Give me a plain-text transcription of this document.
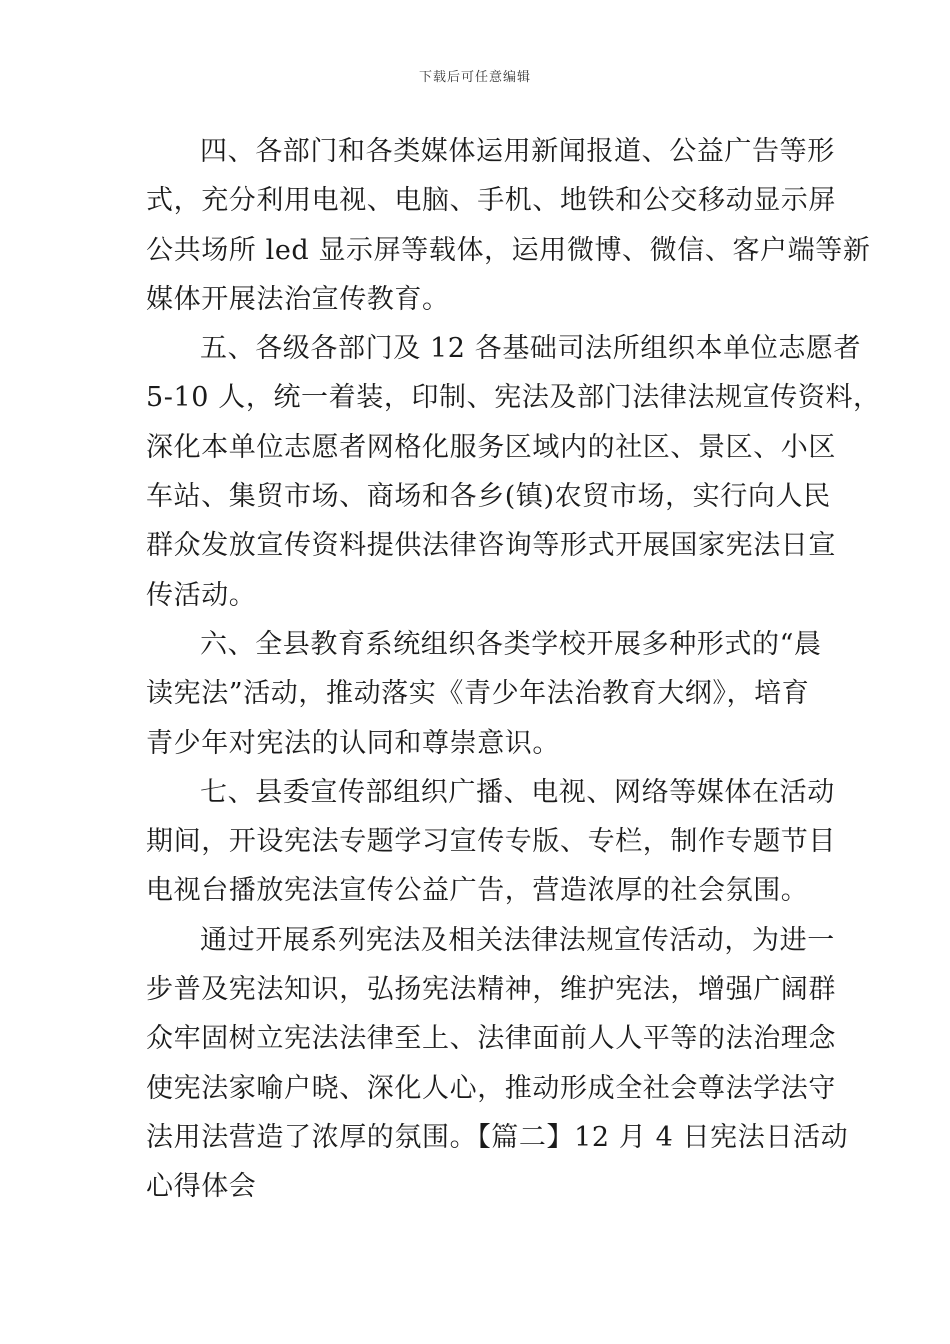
下载后可任意编辑
四、各部门和各类媒体运用新闻报道、公益广告等形
式，充分利用电视、电脑、手机、地铁和公交移动显示屏
公共场所 led 显示屏等载体，运用微博、微信、客户端等新
媒体开展法治宣传教育。
五、各级各部门及 12 各基础司法所组织本单位志愿者
5-10 人，统一着装，印制、宪法及部门法律法规宣传资料，
深化本单位志愿者网格化服务区域内的社区、景区、小区
车站、集贸市场、商场和各乡(镇)农贸市场，实行向人民
群众发放宣传资料提供法律咨询等形式开展国家宪法日宣
传活动。
六、全县教育系统组织各类学校开展多种形式的“晨
读宪法”活动，推动落实《青少年法治教育大纲》，培育
青少年对宪法的认同和尊崇意识。
七、县委宣传部组织广播、电视、网络等媒体在活动
期间，开设宪法专题学习宣传专版、专栏，制作专题节目
电视台播放宪法宣传公益广告，营造浓厚的社会氛围。
通过开展系列宪法及相关法律法规宣传活动，为进一
步普及宪法知识，弘扬宪法精神，维护宪法，增强广阔群
众牢固树立宪法法律至上、法律面前人人平等的法治理念
使宪法家喻户晓、深化人心，推动形成全社会尊法学法守
法用法营造了浓厚的氛围。【篇二】12 月 4 日宪法日活动
心得体会
